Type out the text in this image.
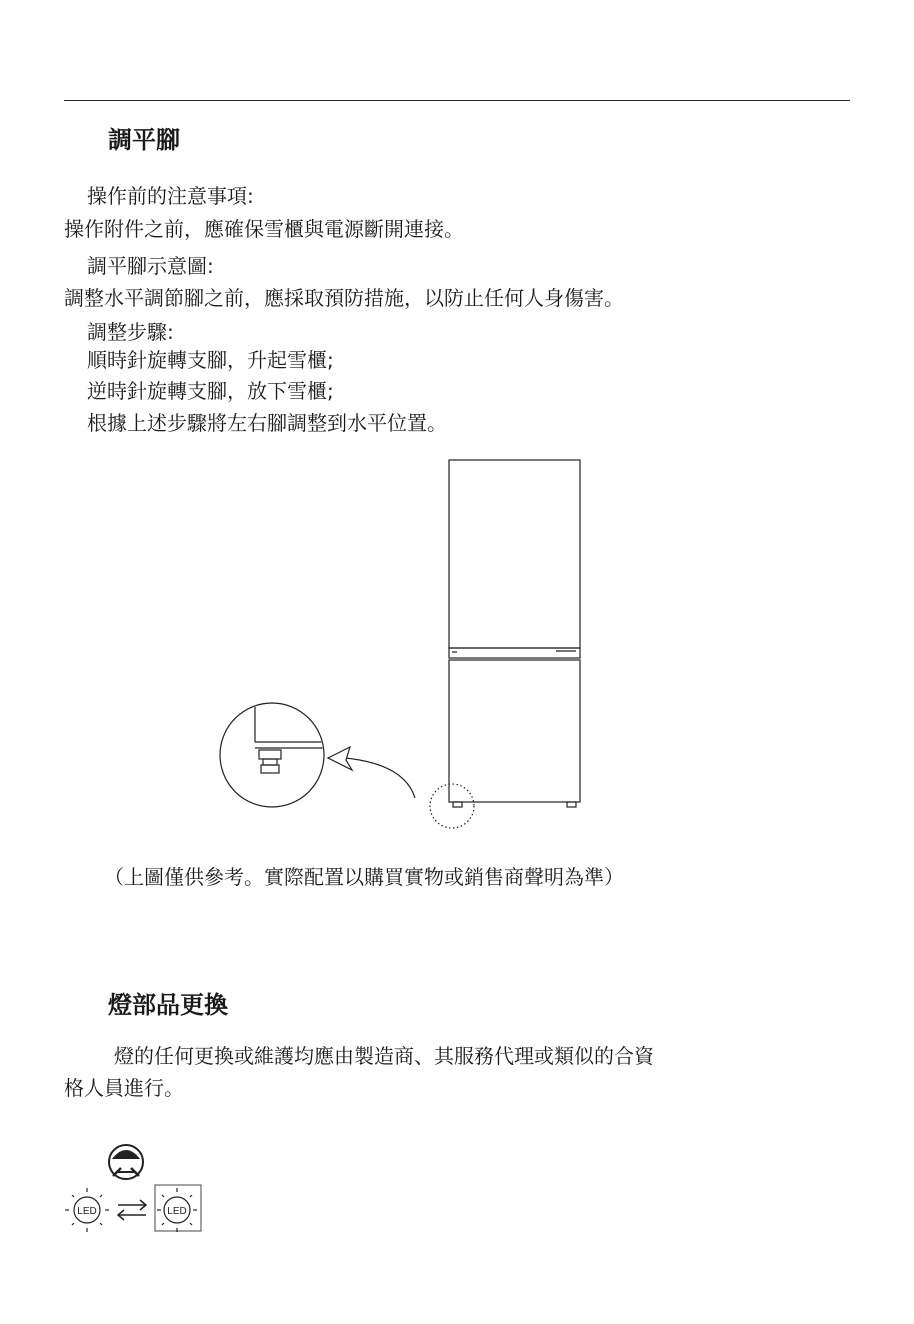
調平腳
操作前的注意事項:
操作附件之前，應確保雪櫃與電源斷開連接。
調平腳示意圖:
調整水平調節腳之前，應採取預防措施，以防止任何人身傷害。
調整步驟:
順時針旋轉支腳，升起雪櫃;
逆時針旋轉支腳，放下雪櫃;
根據上述步驟將左右腳調整到水平位置。
（上圖僅供參考。實際配置以購買實物或銷售商聲明為準）
燈部品更換
燈的任何更換或維護均應由製造商、其服務代理或類似的合資
格人員進行。
LED	LED
